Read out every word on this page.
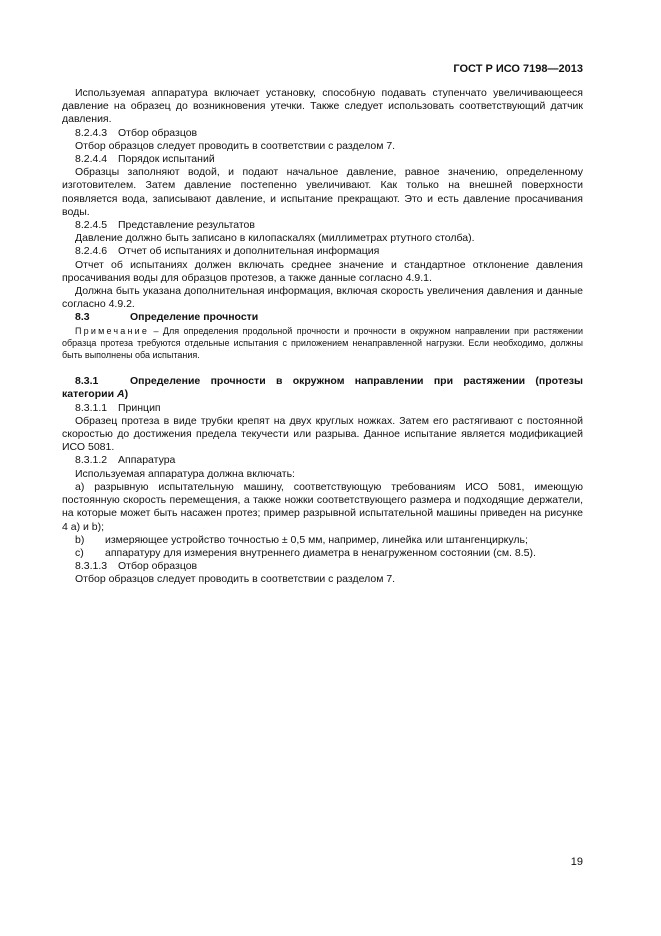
ГОСТ Р ИСО 7198—2013

Используемая аппаратура включает установку, способную подавать ступенчато увеличивающееся давление на образец до возникновения утечки. Также следует использовать соответствующий датчик давления.

8.2.4.3 Отбор образцов

Отбор образцов следует проводить в соответствии с разделом 7.

8.2.4.4 Порядок испытаний

Образцы заполняют водой, и подают начальное давление, равное значению, определенному изготовителем. Затем давление постепенно увеличивают. Как только на внешней поверхности появляется вода, записывают давление, и испытание прекращают. Это и есть давление просачивания воды.

8.2.4.5 Представление результатов

Давление должно быть записано в килопаскалях (миллиметрах ртутного столба).

8.2.4.6 Отчет об испытаниях и дополнительная информация

Отчет об испытаниях должен включать среднее значение и стандартное отклонение давления просачивания воды для образцов протезов, а также данные согласно 4.9.1.

Должна быть указана дополнительная информация, включая скорость увеличения давления и данные согласно 4.9.2.

8.3	Определение прочности

Примечание – Для определения продольной прочности и прочности в окружном направлении при растяжении образца протеза требуются отдельные испытания с приложением ненаправленной нагрузки. Если необходимо, должны быть выполнены оба испытания.

8.3.1	Определение прочности в окружном направлении при растяжении (протезы категории A)

8.3.1.1 Принцип

Образец протеза в виде трубки крепят на двух круглых ножках. Затем его растягивают с постоянной скоростью до достижения предела текучести или разрыва. Данное испытание является модификацией ИСО 5081.

8.3.1.2 Аппаратура

Используемая аппаратура должна включать:

a) разрывную испытательную машину, соответствующую требованиям ИСО 5081, имеющую постоянную скорость перемещения, а также ножки соответствующего размера и подходящие держатели, на которые может быть насажен протез; пример разрывной испытательной машины приведен на рисунке 4 а) и b);

b) измеряющее устройство точностью ± 0,5 мм, например, линейка или штангенциркуль;
c) аппаратуру для измерения внутреннего диаметра в ненагруженном состоянии (см. 8.5).
8.3.1.3 Отбор образцов

Отбор образцов следует проводить в соответствии с разделом 7.

19
